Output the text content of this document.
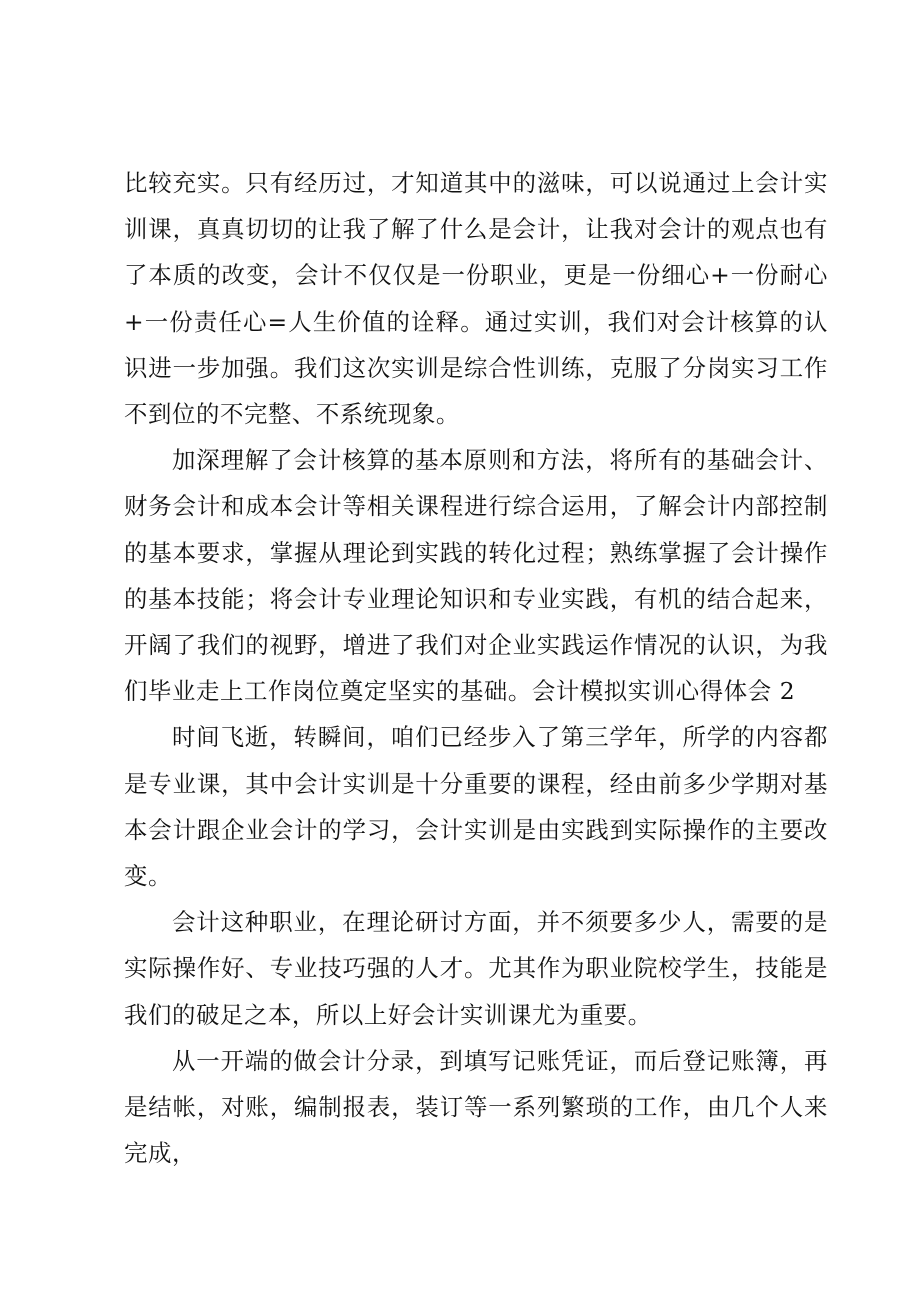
比较充实。只有经历过，才知道其中的滋味，可以说通过上会计实训课，真真切切的让我了解了什么是会计，让我对会计的观点也有了本质的改变，会计不仅仅是一份职业，更是一份细心+一份耐心+一份责任心=人生价值的诠释。通过实训，我们对会计核算的认识进一步加强。我们这次实训是综合性训练，克服了分岗实习工作不到位的不完整、不系统现象。

加深理解了会计核算的基本原则和方法，将所有的基础会计、财务会计和成本会计等相关课程进行综合运用，了解会计内部控制的基本要求，掌握从理论到实践的转化过程；熟练掌握了会计操作的基本技能；将会计专业理论知识和专业实践，有机的结合起来，开阔了我们的视野，增进了我们对企业实践运作情况的认识，为我们毕业走上工作岗位奠定坚实的基础。会计模拟实训心得体会 2

时间飞逝，转瞬间，咱们已经步入了第三学年，所学的内容都是专业课，其中会计实训是十分重要的课程，经由前多少学期对基本会计跟企业会计的学习，会计实训是由实践到实际操作的主要改变。

会计这种职业，在理论研讨方面，并不须要多少人，需要的是实际操作好、专业技巧强的人才。尤其作为职业院校学生，技能是我们的破足之本，所以上好会计实训课尤为重要。

从一开端的做会计分录，到填写记账凭证，而后登记账簿，再是结帐，对账，编制报表，装订等一系列繁琐的工作，由几个人来完成，
